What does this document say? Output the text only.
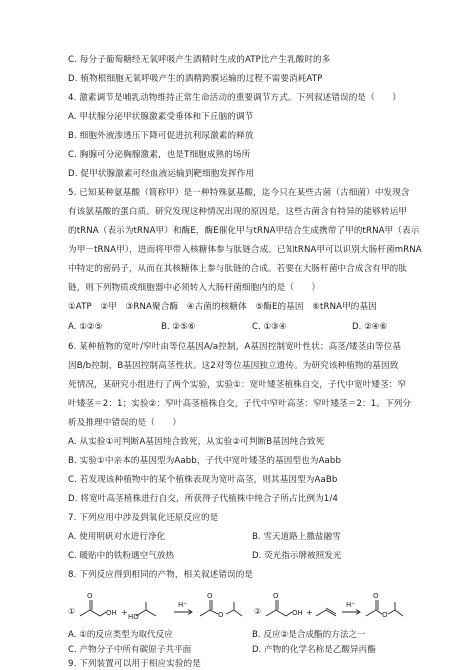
C. 每分子葡萄糖经无氧呼吸产生酒精时生成的ATP比产生乳酸时的多
D. 植物根细胞无氧呼吸产生的酒精跨膜运输的过程不需要消耗ATP
4. 激素调节是哺乳动物维持正常生命活动的重要调节方式。下列叙述错误的是（　　）
A. 甲状腺分泌甲状腺激素受垂体和下丘脑的调节
B. 细胞外液渗透压下降可促进抗利尿激素的释放
C. 胸腺可分泌胸腺激素，也是T细胞成熟的场所
D. 促甲状腺激素可经血液运输到靶细胞发挥作用
5. 已知某种氨基酸（简称甲）是一种特殊氨基酸，迄今只在某些古菌（古细菌）中发现含
有该氨基酸的蛋白质。研究发现这种情况出现的原因是，这些古菌含有特异的能够转运甲
的tRNA（表示为tRNA甲）和酶E，酶E催化甲与tRNA甲结合生成携带了甲的tRNA甲（表示
为甲－tRNA甲），进而将甲带入核糖体参与肽链合成。已知tRNA甲可以识别大肠杆菌mRNA
中特定的密码子，从而在其核糖体上参与肽链的合成。若要在大肠杆菌中合成含有甲的肽
链，则下列物质或细胞器中必须转入大肠杆菌细胞内的是（　　）
①ATP　②甲　③RNA聚合酶　④古菌的核糖体　⑤酶E的基因　⑥tRNA甲的基因
A. ①②⑤	B. ②⑤⑥	C. ①③④	D. ②④⑥
6. 某种植物的宽叶/窄叶由等位基因A/a控制，A基因控制宽叶性状；高茎/矮茎由等位基
因B/b控制，B基因控制高茎性状。这2对等位基因独立遗传。为研究该种植物的基因致
死情况，某研究小组进行了两个实验，实验①：宽叶矮茎植株自交，子代中宽叶矮茎：窄
叶矮茎＝2：1；实验②：窄叶高茎植株自交，子代中窄叶高茎：窄叶矮茎＝2：1。下列分
析及推理中错误的是（　　）
A. 从实验①可判断A基因纯合致死，从实验②可判断B基因纯合致死
B. 实验①中亲本的基因型为Aabb，子代中宽叶矮茎的基因型也为Aabb
C. 若发现该种植物中的某个植株表现为宽叶高茎，则其基因型为AaBb
D. 将宽叶高茎植株进行自交，所获得子代植株中纯合子所占比例为1/4
7. 下列应用中涉及到氧化还原反应的是
A. 使用明矾对水进行净化	B. 雪天道路上撒盐融雪
C. 暖贴中的铁粉遇空气放热	D. 荧光指示牌被照发光
8. 下列反应得到相同的产物，相关叙述错误的是
①
O
OH + HO
H⁺
O
O	②
O
OH +
H⁺
O
O
A. ①的反应类型为取代反应	B. 反应②是合成酯的方法之一
C. 产物分子中所有碳原子共平面	D. 产物的化学名称是乙酸异丙酯
9. 下列装置可以用于相应实验的是
